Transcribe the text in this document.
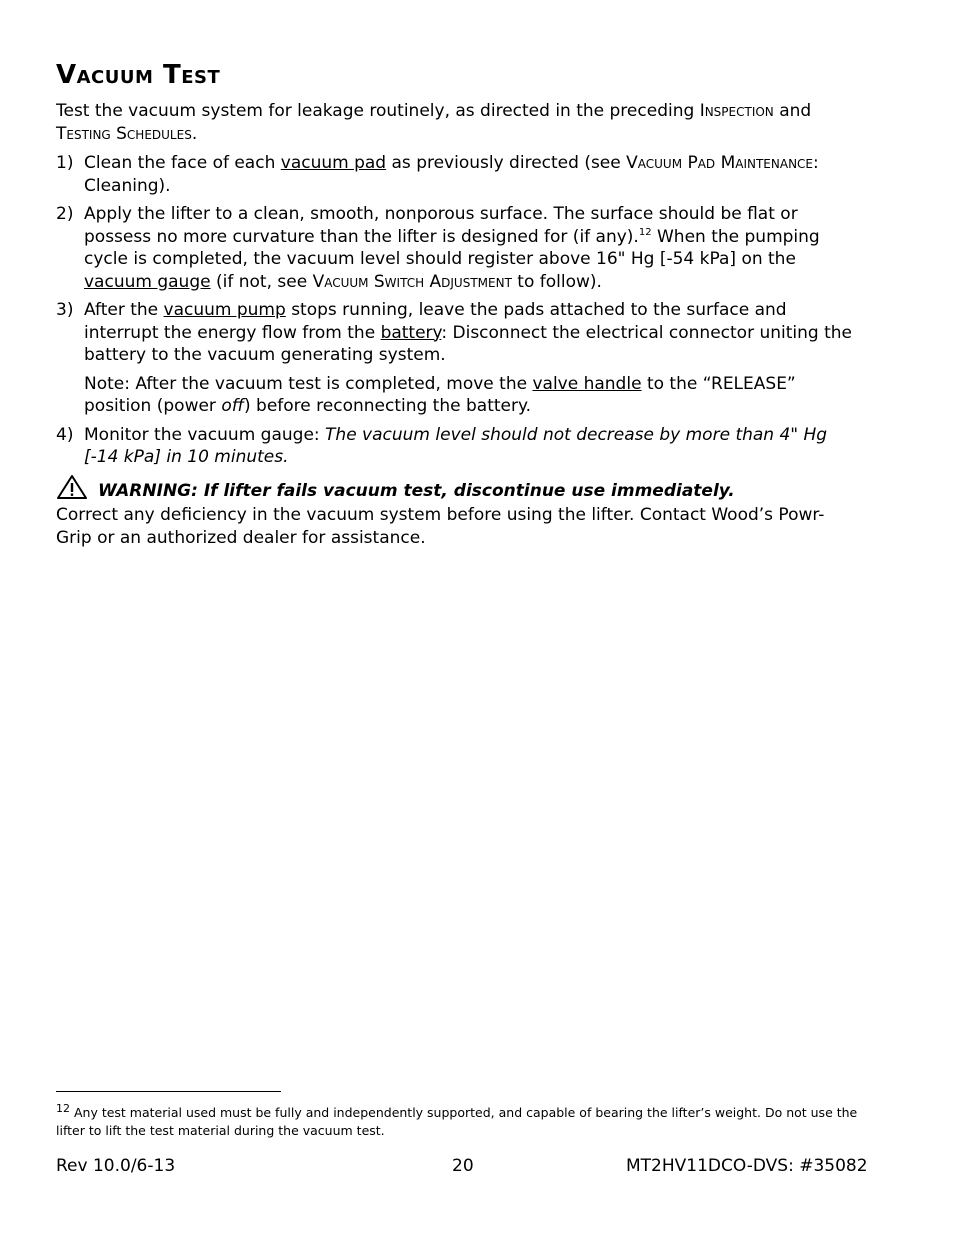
Vacuum Test

Test the vacuum system for leakage routinely, as directed in the preceding Inspection and Testing Schedules.

1) Clean the face of each vacuum pad as previously directed (see Vacuum Pad Maintenance: Cleaning).
2) Apply the lifter to a clean, smooth, nonporous surface. The surface should be flat or possess no more curvature than the lifter is designed for (if any).$^{12}$ When the pumping cycle is completed, the vacuum level should register above 16" Hg [-54 kPa] on the vacuum gauge (if not, see Vacuum Switch Adjustment to follow).
3) After the vacuum pump stops running, leave the pads attached to the surface and interrupt the energy flow from the battery: Disconnect the electrical connector uniting the battery to the vacuum generating system.
Note: After the vacuum test is completed, move the valve handle to the “RELEASE” position (power off) before reconnecting the battery.
4) Monitor the vacuum gauge: The vacuum level should not decrease by more than 4" Hg [-14 kPa] in 10 minutes.
WARNING: If lifter fails vacuum test, discontinue use immediately.

Correct any deficiency in the vacuum system before using the lifter. Contact Wood’s Powr-Grip or an authorized dealer for assistance.

$^{12}$ Any test material used must be fully and independently supported, and capable of bearing the lifter’s weight. Do not use the lifter to lift the test material during the vacuum test.
Rev 10.0/6-13	20	MT2HV11DCO-DVS: #35082
